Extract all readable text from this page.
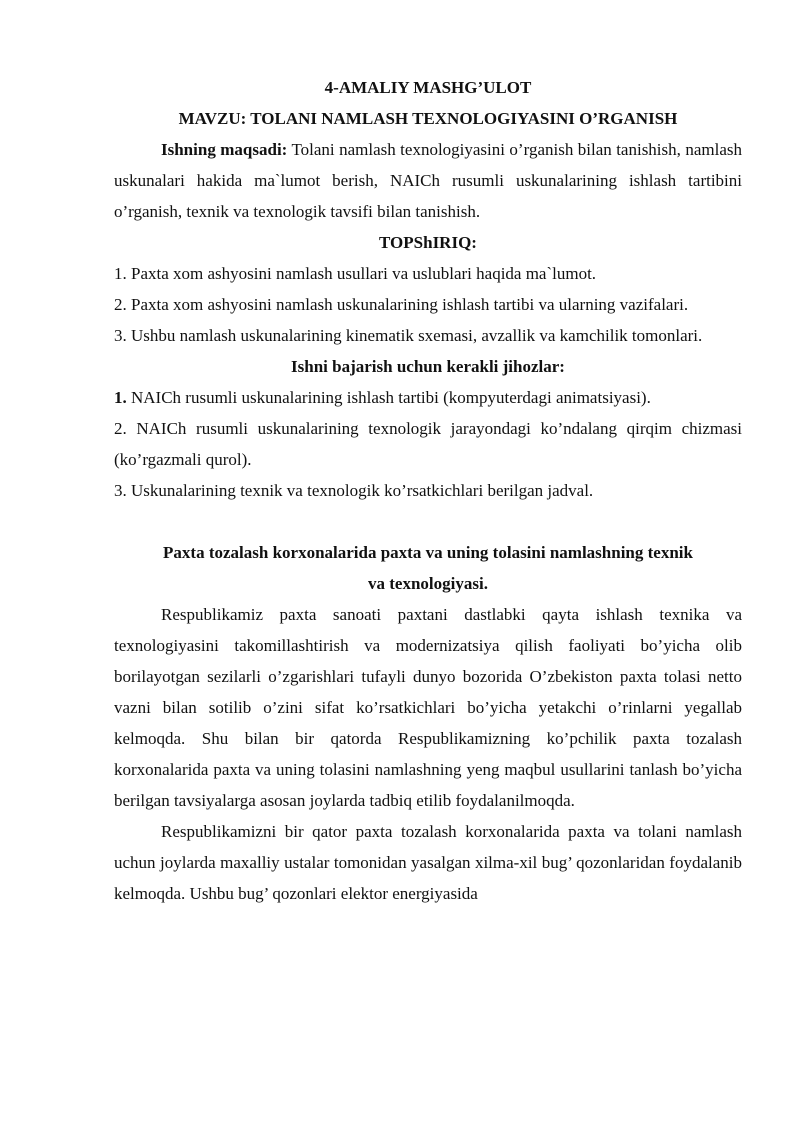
4-AMALIY MASHG’ULOT

MAVZU: TOLANI NAMLASH TEXNOLOGIYASINI O’RGANISH

Ishning maqsadi: Tolani namlash texnologiyasini o’rganish bilan tanishish, namlash uskunalari hakida ma`lumot berish, NAICh rusumli uskunalarining ishlash tartibini o’rganish, texnik va texnologik tavsifi bilan tanishish.

TOPShIRIQ:

1. Paxta xom ashyosini namlash usullari va uslublari haqida ma`lumot.

2. Paxta xom ashyosini namlash uskunalarining ishlash tartibi va ularning vazifalari.

3. Ushbu namlash uskunalarining kinematik sxemasi, avzallik va kamchilik tomonlari.

Ishni bajarish uchun kerakli jihozlar:

1. NAICh rusumli uskunalarining ishlash tartibi (kompyuterdagi animatsiyasi).

2. NAICh rusumli uskunalarining texnologik jarayondagi ko’ndalang qirqim chizmasi (ko’rgazmali qurol).

3. Uskunalarining texnik va texnologik ko’rsatkichlari berilgan jadval.

Paxta tozalash korxonalarida paxta va uning tolasini namlashning texnik

va texnologiyasi.

Respublikamiz paxta sanoati paxtani dastlabki qayta ishlash texnika va texnologiyasini takomillashtirish va modernizatsiya qilish faoliyati bo’yicha olib borilayotgan sezilarli o’zgarishlari tufayli dunyo bozorida O’zbekiston paxta tolasi netto vazni bilan sotilib o’zini sifat ko’rsatkichlari bo’yicha yetakchi o’rinlarni yegallab kelmoqda. Shu bilan bir qatorda Respublikamizning ko’pchilik paxta tozalash korxonalarida paxta va uning tolasini namlashning yeng maqbul usullarini tanlash bo’yicha berilgan tavsiyalarga asosan joylarda tadbiq etilib foydalanilmoqda.

Respublikamizni bir qator paxta tozalash korxonalarida paxta va tolani namlash uchun joylarda maxalliy ustalar tomonidan yasalgan xilma-xil bug’ qozonlaridan foydalanib kelmoqda. Ushbu bug’ qozonlari elektor energiyasida
